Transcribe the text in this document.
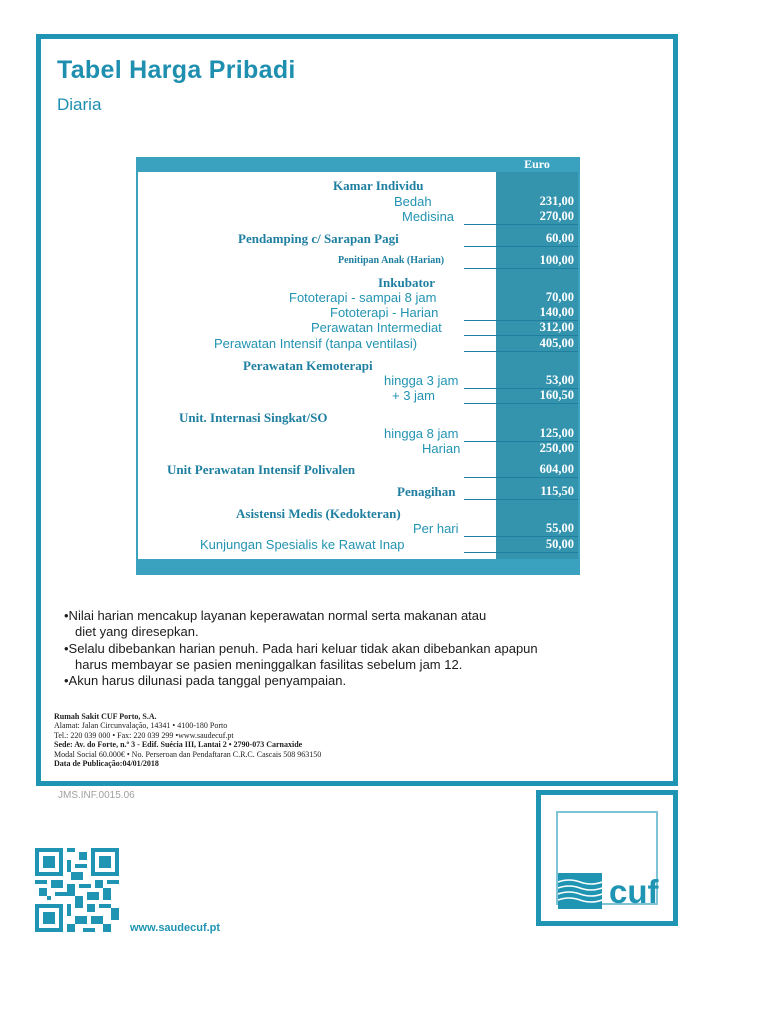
Tabel Harga Pribadi
Diaria
Euro
Kamar Individu
Bedah	231,00
Medisina	270,00
Pendamping c/ Sarapan Pagi	60,00
Penitipan Anak (Harian)	100,00
Inkubator
Fototerapi - sampai 8 jam	70,00
Fototerapi - Harian	140,00
Perawatan Intermediat	312,00
Perawatan Intensif (tanpa ventilasi)	405,00
Perawatan Kemoterapi
hingga 3 jam	53,00
+ 3 jam	160,50
Unit. Internasi Singkat/SO
hingga 8 jam	125,00
Harian	250,00
Unit Perawatan Intensif Polivalen	604,00
Penagihan	115,50
Asistensi Medis (Kedokteran)
Per hari	55,00
Kunjungan Spesialis ke Rawat Inap	50,00
•Nilai harian mencakup layanan keperawatan normal serta makanan atau
diet yang diresepkan.
•Selalu dibebankan harian penuh. Pada hari keluar tidak akan dibebankan apapun
harus membayar se pasien meninggalkan fasilitas sebelum jam 12.
•Akun harus dilunasi pada tanggal penyampaian.
Rumah Sakit CUF Porto, S.A.
Alamat: Jalan Circunvalação, 14341 • 4100-180 Porto
Tel.: 220 039 000 • Fax: 220 039 299 •www.saudecuf.pt
Sede: Av. do Forte, n.º 3 - Edif. Suécia III, Lantai 2 • 2790-073 Carnaxide
Modal Social 60.000€ • No. Perseroan dan Pendaftaran C.R.C. Cascais 508 963150
Data de Publicação:04/01/2018
JMS.INF.0015.06
www.saudecuf.pt
cuf
